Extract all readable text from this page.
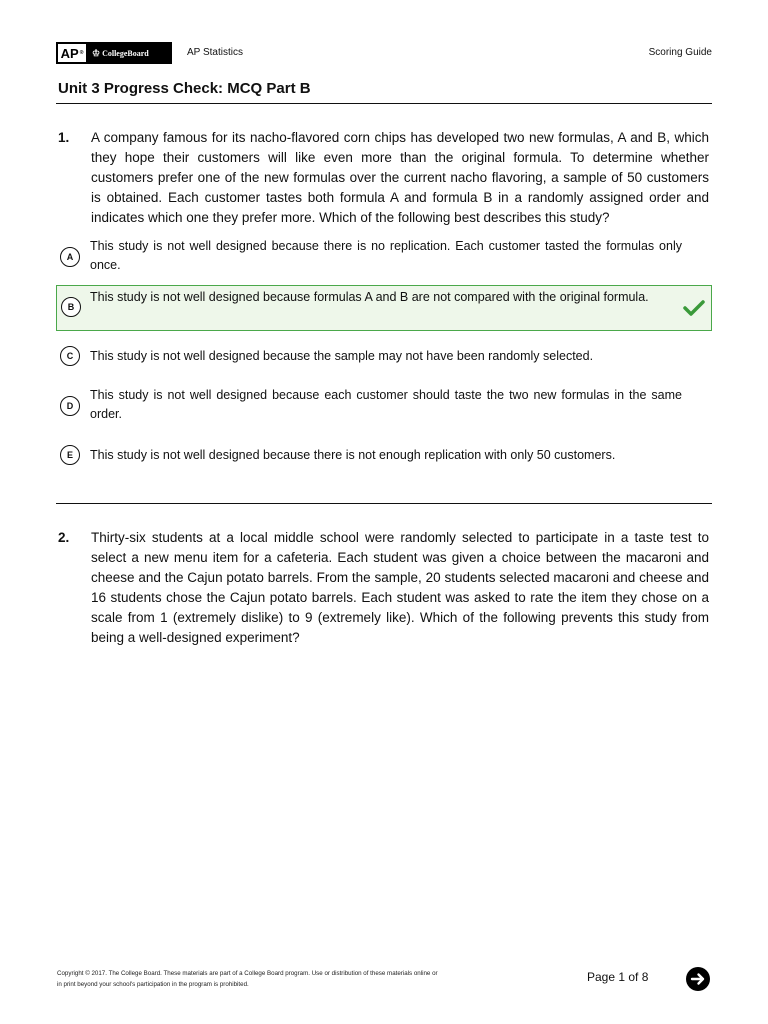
AP ® ♔ CollegeBoard	AP Statistics	Scoring Guide
Unit 3 Progress Check: MCQ Part B
1. A company famous for its nacho-flavored corn chips has developed two new formulas, A and B, which they hope their customers will like even more than the original formula. To determine whether customers prefer one of the new formulas over the current nacho flavoring, a sample of 50 customers is obtained. Each customer tastes both formula A and formula B in a randomly assigned order and indicates which one they prefer more. Which of the following best describes this study?

A

This study is not well designed because there is no replication. Each customer tasted the formulas only once.

B

This study is not well designed because formulas A and B are not compared with the original formula.

C	This study is not well designed because the sample may not have been randomly selected.

D

This study is not well designed because each customer should taste the two new formulas in the same order.

E	This study is not well designed because there is not enough replication with only 50 customers.

2. Thirty-six students at a local middle school were randomly selected to participate in a taste test to select a new menu item for a cafeteria. Each student was given a choice between the macaroni and cheese and the Cajun potato barrels. From the sample, 20 students selected macaroni and cheese and 16 students chose the Cajun potato barrels. Each student was asked to rate the item they chose on a scale from 1 (extremely dislike) to 9 (extremely like). Which of the following prevents this study from being a well-designed experiment?

Copyright © 2017. The College Board. These materials are part of a College Board program. Use or distribution of these materials online or
in print beyond your school's participation in the program is prohibited.
Page 1 of 8
